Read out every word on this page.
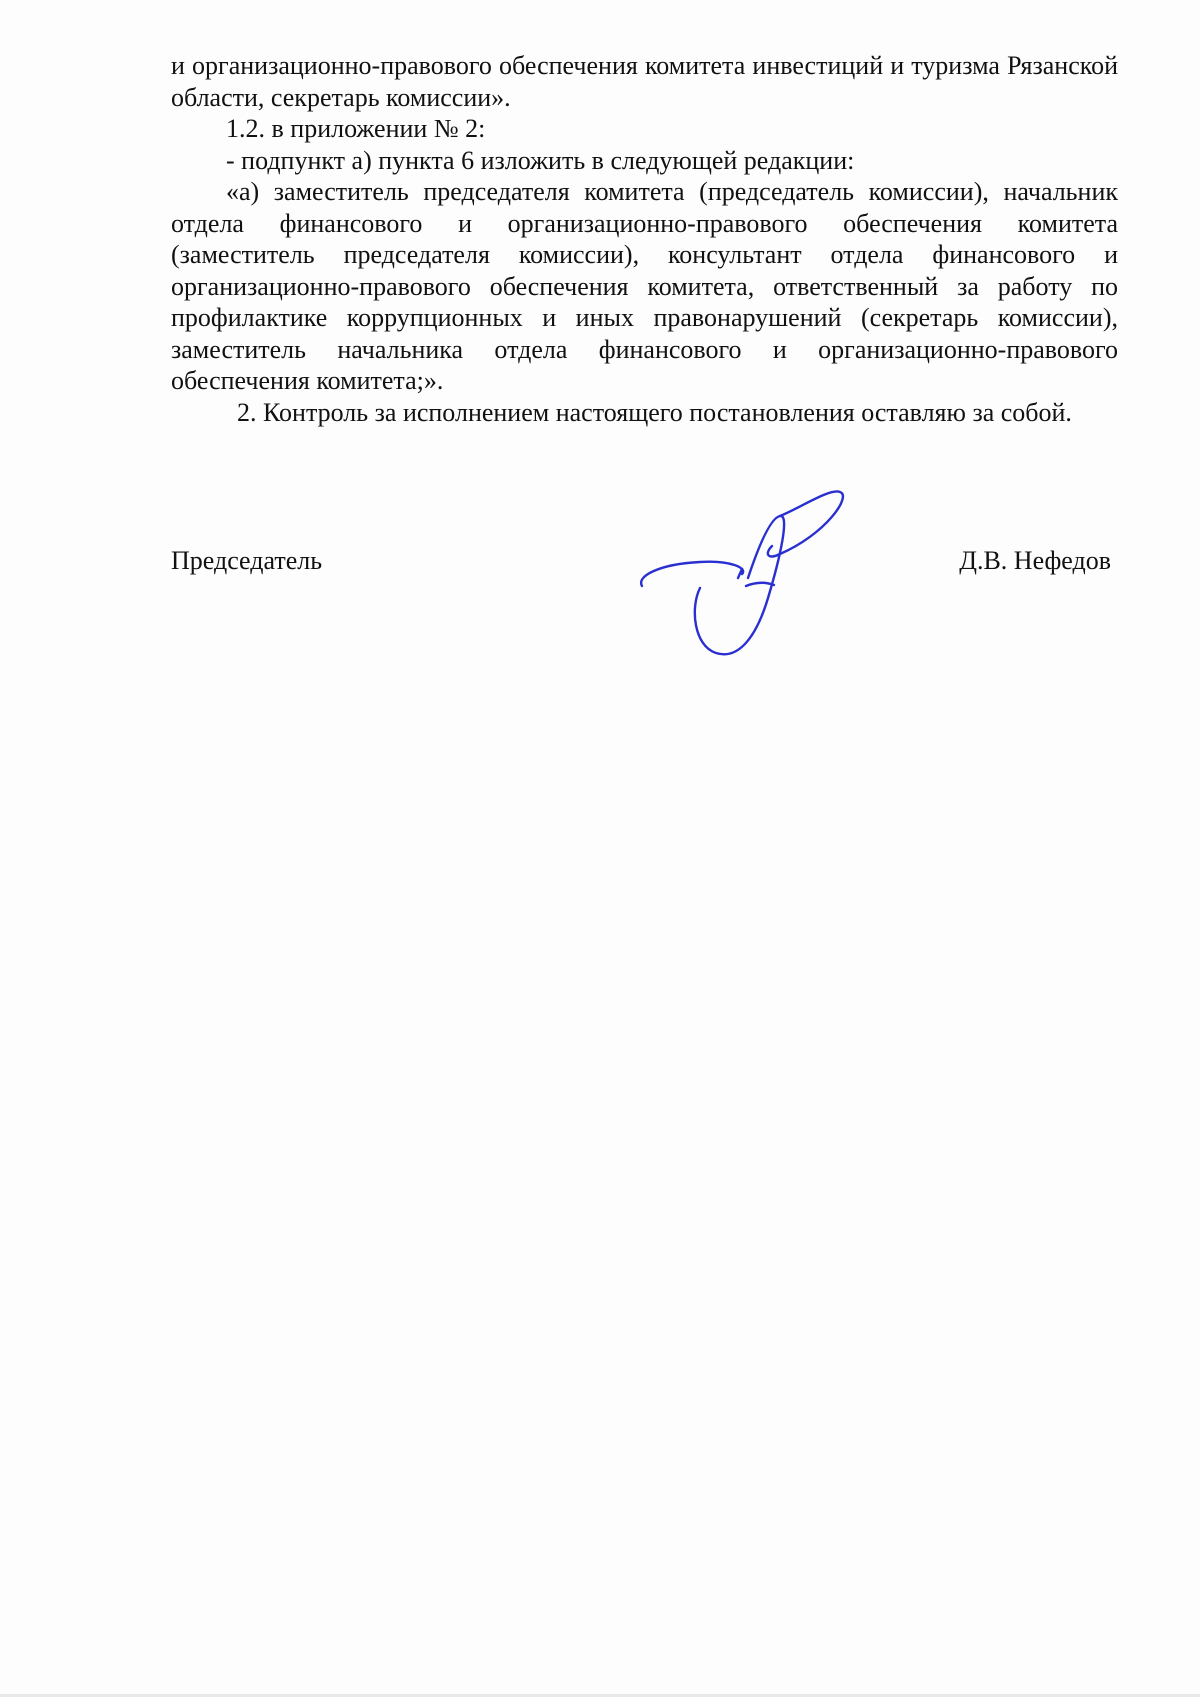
и организационно-правового обеспечения комитета инвестиций и туризма Рязанской области, секретарь комиссии».

1.2. в приложении № 2:

- подпункт а) пункта 6 изложить в следующей редакции:

«а) заместитель председателя комитета (председатель комиссии), начальник отдела финансового и организационно-правового обеспечения комитета (заместитель председателя комиссии), консультант отдела финансового и организационно-правового обеспечения комитета, ответственный за работу по профилактике коррупционных и иных правонарушений (секретарь комиссии), заместитель начальника отдела финансового и организационно-правового обеспечения комитета;».

2. Контроль за исполнением настоящего постановления оставляю за собой.

Председатель	Д.В. Нефедов
